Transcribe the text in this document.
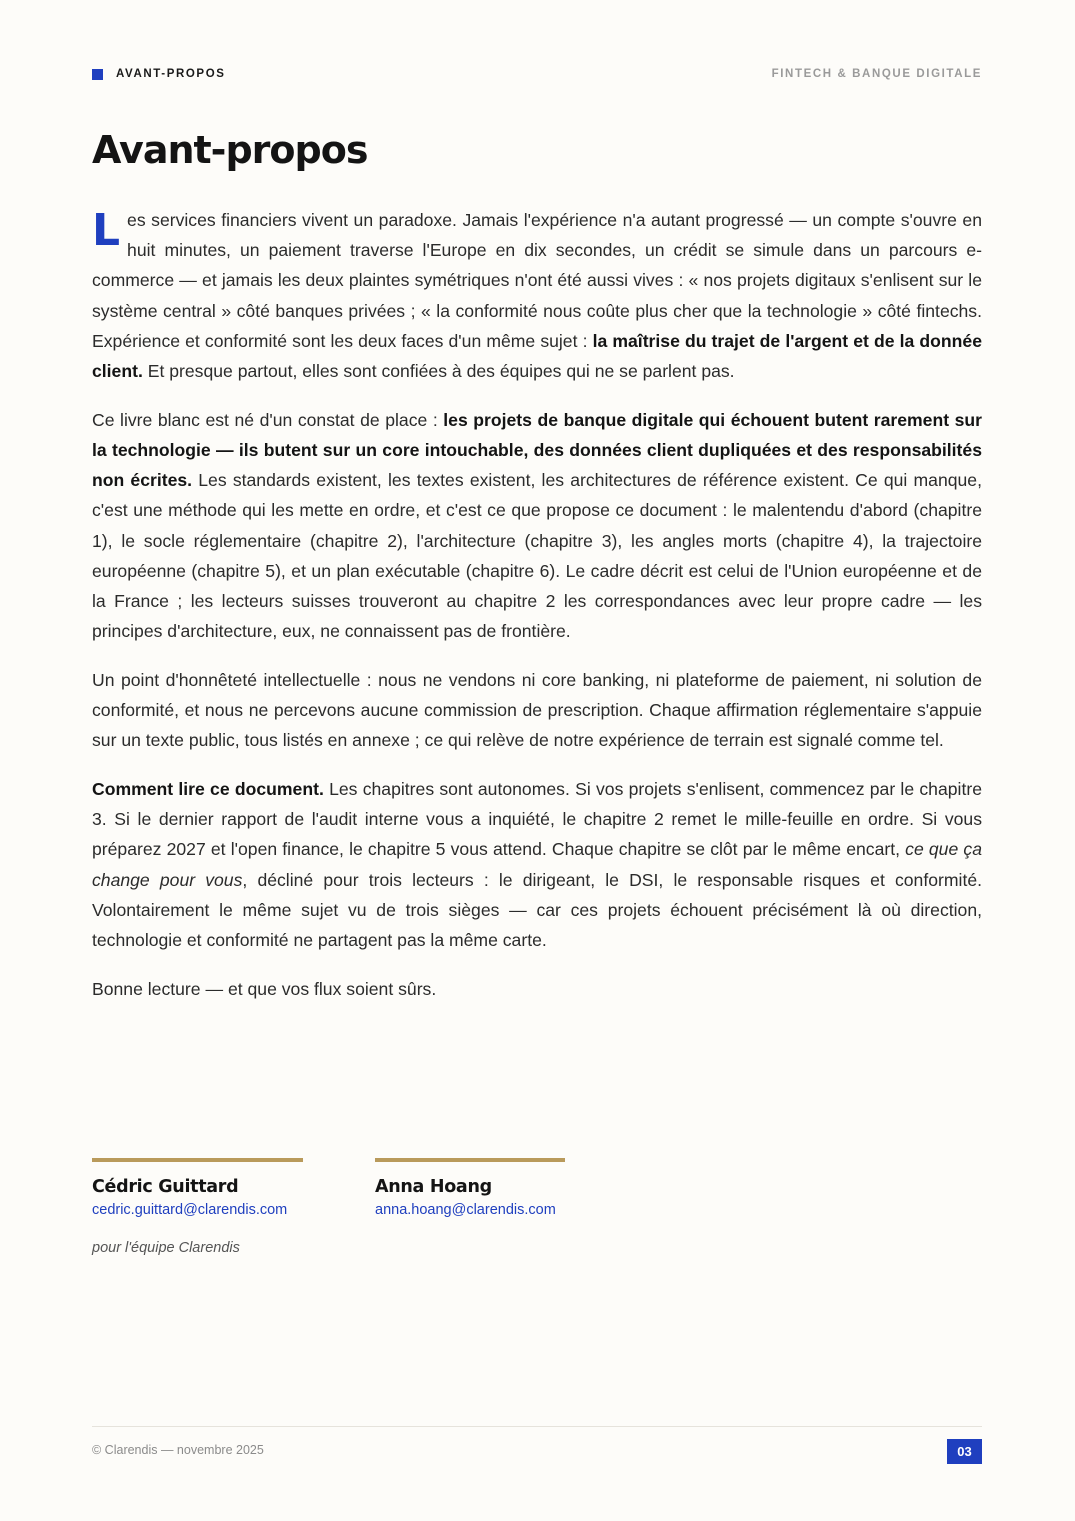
AVANT-PROPOS	FINTECH & BANQUE DIGITALE
Avant-propos

Les services financiers vivent un paradoxe. Jamais l'expérience n'a autant progressé — un compte s'ouvre en huit minutes, un paiement traverse l'Europe en dix secondes, un crédit se simule dans un parcours e-commerce — et jamais les deux plaintes symétriques n'ont été aussi vives : « nos projets digitaux s'enlisent sur le système central » côté banques privées ; « la conformité nous coûte plus cher que la technologie » côté fintechs. Expérience et conformité sont les deux faces d'un même sujet : la maîtrise du trajet de l'argent et de la donnée client. Et presque partout, elles sont confiées à des équipes qui ne se parlent pas.

Ce livre blanc est né d'un constat de place : les projets de banque digitale qui échouent butent rarement sur la technologie — ils butent sur un core intouchable, des données client dupliquées et des responsabilités non écrites. Les standards existent, les textes existent, les architectures de référence existent. Ce qui manque, c'est une méthode qui les mette en ordre, et c'est ce que propose ce document : le malentendu d'abord (chapitre 1), le socle réglementaire (chapitre 2), l'architecture (chapitre 3), les angles morts (chapitre 4), la trajectoire européenne (chapitre 5), et un plan exécutable (chapitre 6). Le cadre décrit est celui de l'Union européenne et de la France ; les lecteurs suisses trouveront au chapitre 2 les correspondances avec leur propre cadre — les principes d'architecture, eux, ne connaissent pas de frontière.

Un point d'honnêteté intellectuelle : nous ne vendons ni core banking, ni plateforme de paiement, ni solution de conformité, et nous ne percevons aucune commission de prescription. Chaque affirmation réglementaire s'appuie sur un texte public, tous listés en annexe ; ce qui relève de notre expérience de terrain est signalé comme tel.

Comment lire ce document. Les chapitres sont autonomes. Si vos projets s'enlisent, commencez par le chapitre 3. Si le dernier rapport de l'audit interne vous a inquiété, le chapitre 2 remet le mille-feuille en ordre. Si vous préparez 2027 et l'open finance, le chapitre 5 vous attend. Chaque chapitre se clôt par le même encart, ce que ça change pour vous, décliné pour trois lecteurs : le dirigeant, le DSI, le responsable risques et conformité. Volontairement le même sujet vu de trois sièges — car ces projets échouent précisément là où direction, technologie et conformité ne partagent pas la même carte.

Bonne lecture — et que vos flux soient sûrs.

Cédric Guittard
cedric.guittard@clarendis.com
Anna Hoang
anna.hoang@clarendis.com
pour l'équipe Clarendis
© Clarendis — novembre 2025	03
